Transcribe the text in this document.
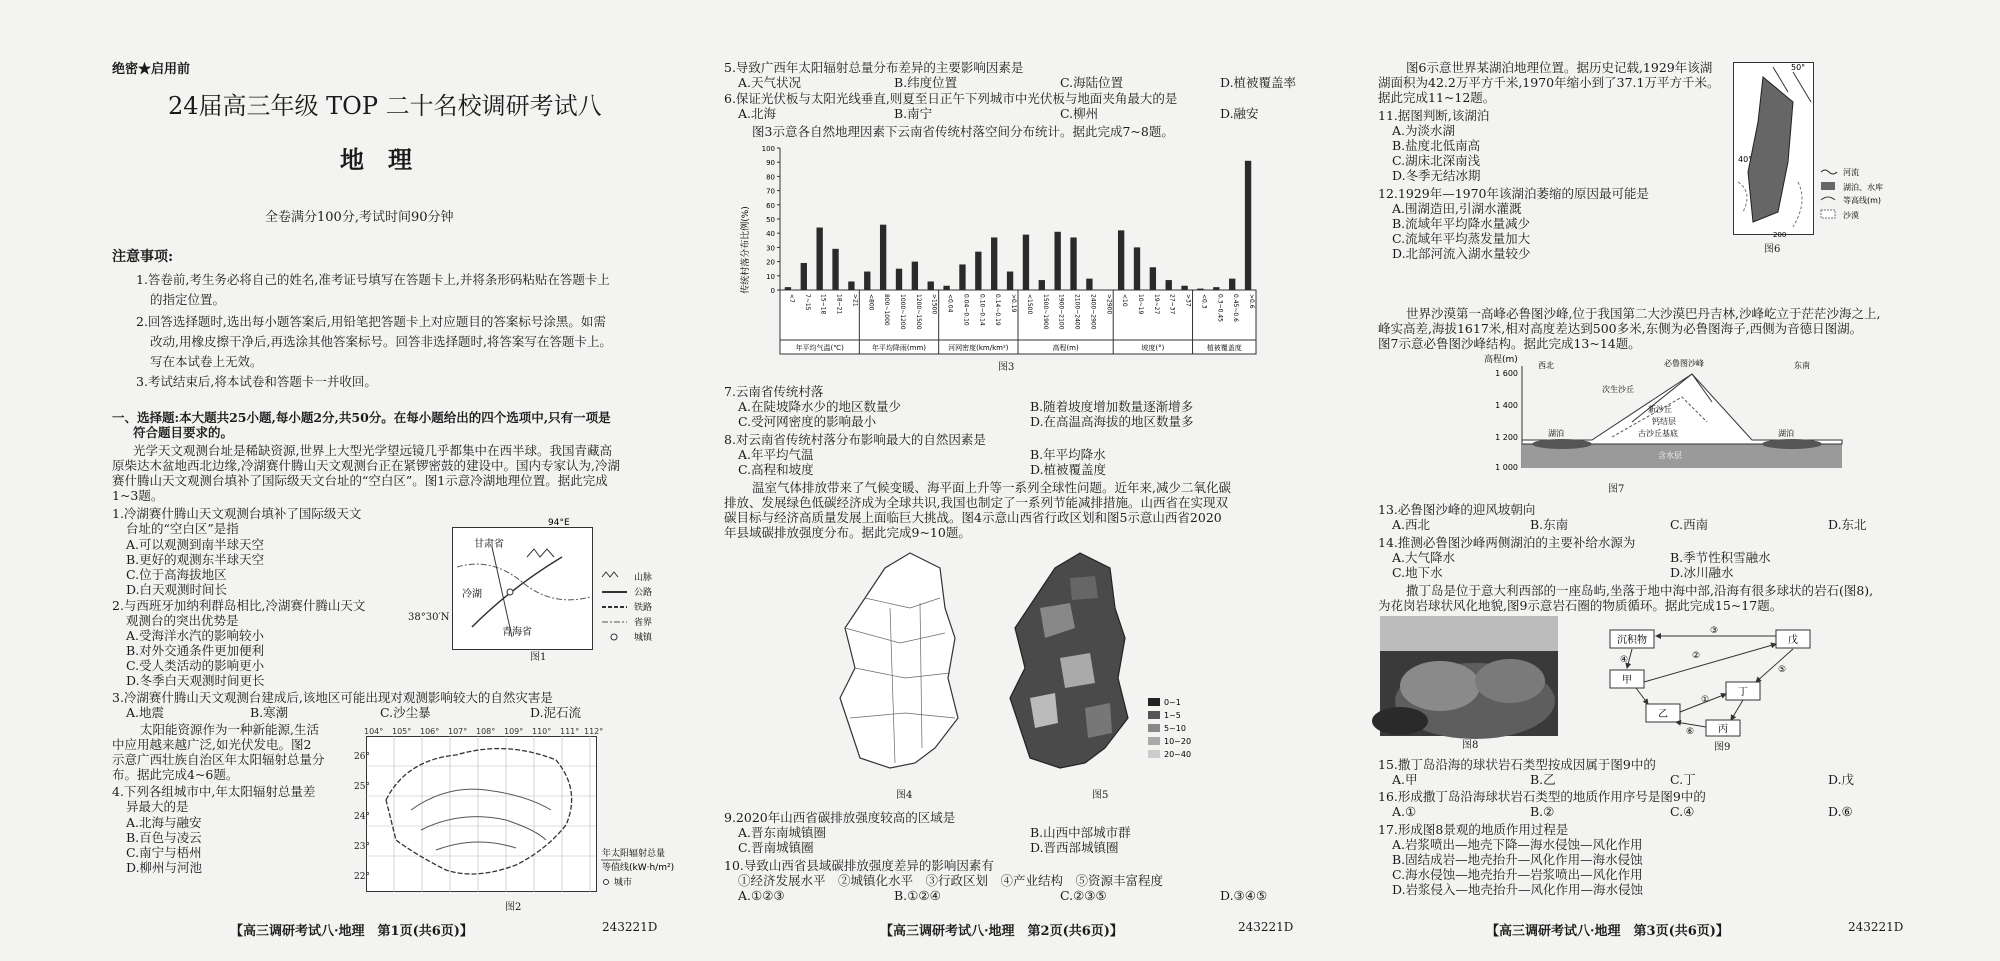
绝密★启用前
24届高三年级 TOP 二十名校调研考试八
地　理
全卷满分100分,考试时间90分钟
注意事项:
1.答卷前,考生务必将自己的姓名,准考证号填写在答题卡上,并将条形码粘贴在答题卡上
的指定位置。
2.回答选择题时,选出每小题答案后,用铅笔把答题卡上对应题目的答案标号涂黑。如需
改动,用橡皮擦干净后,再选涂其他答案标号。回答非选择题时,将答案写在答题卡上。
写在本试卷上无效。
3.考试结束后,将本试卷和答题卡一并收回。
一、选择题:本大题共25小题,每小题2分,共50分。在每小题给出的四个选项中,只有一项是
符合题目要求的。
光学天文观测台址是稀缺资源,世界上大型光学望远镜几乎都集中在西半球。我国青藏高
原柴达木盆地西北边缘,冷湖赛什腾山天文观测台正在紧锣密鼓的建设中。国内专家认为,冷湖
赛什腾山天文观测台填补了国际级天文台址的“空白区”。图1示意冷湖地理位置。据此完成
1~3题。
1.冷湖赛什腾山天文观测台填补了国际级天文
台址的“空白区”是指
A.可以观测到南半球天空
B.更好的观测东半球天空
C.位于高海拔地区
D.白天观测时间长
2.与西班牙加纳利群岛相比,冷湖赛什腾山天文
观测台的突出优势是
A.受海洋水汽的影响较小
B.对外交通条件更加便利
C.受人类活动的影响更小
D.冬季白天观测时间更长
3.冷湖赛什腾山天文观测台建成后,该地区可能出现对观测影响较大的自然灾害是
A.地震	B.寒潮	C.沙尘暴	D.泥石流
太阳能资源作为一种新能源,生活
中应用越来越广泛,如光伏发电。图2
示意广西壮族自治区年太阳辐射总量分
布。据此完成4~6题。
4.下列各组城市中,年太阳辐射总量差
异最大的是
A.北海与融安
B.百色与凌云
C.南宁与梧州
D.柳州与河池
甘肃省
青海省
冷湖
94°E
山脉
公路
铁路
省界
城镇
38°30′N
图1
104° 105° 106° 107° 108° 109° 110° 111° 112°
年太阳辐射总量
等值线(kW·h/m²)
城市
26°
25°
24°
23°
22°
图2
【高三调研考试八·地理　第1页(共6页)】	243221D
5.导致广西年太阳辐射总量分布差异的主要影响因素是
A.天气状况	B.纬度位置	C.海陆位置	D.植被覆盖率
6.保证光伏板与太阳光线垂直,则夏至日正午下列城市中光伏板与地面夹角最大的是
A.北海	B.南宁	C.柳州	D.融安
图3示意各自然地理因素下云南省传统村落空间分布统计。据此完成7~8题。
传统村落分布比例(%)	0
10
20
30
40
50
60
70
80
90
100
<7 7~15 15~18 18~21 >21 <800 800~1000 1000~1200 1200~1500 >1500 <0.04 0.04~0.10 0.10~0.14 0.14~0.19 >0.19 <1500 1500~1900 1900~2100 2100~2400 2400~2900 >2900 <10 10~19 19~27 27~37 >37 <0.3 0.3~0.45 0.45~0.6 >0.6
年平均气温(℃)	年平均降雨(mm)	河网密度(km/km²)	高程(m)	坡度(°)	植被覆盖度
图3
7.云南省传统村落
A.在陡坡降水少的地区数量少	B.随着坡度增加数量逐渐增多
C.受河网密度的影响最小	D.在高温高海拔的地区数量多
8.对云南省传统村落分布影响最大的自然因素是
A.年平均气温	B.年平均降水
C.高程和坡度	D.植被覆盖度
温室气体排放带来了气候变暖、海平面上升等一系列全球性问题。近年来,减少二氧化碳
排放、发展绿色低碳经济成为全球共识,我国也制定了一系列节能减排措施。山西省在实现双
碳目标与经济高质量发展上面临巨大挑战。图4示意山西省行政区划和图5示意山西省2020
年县域碳排放强度分布。据此完成9~10题。
图4
0~1
1~5
5~10
10~20
20~40
图5
9.2020年山西省碳排放强度较高的区域是
A.晋东南城镇圈	B.山西中部城市群
C.晋南城镇圈	D.晋西部城镇圈
10.导致山西省县域碳排放强度差异的影响因素有
①经济发展水平　②城镇化水平　③行政区划　④产业结构　⑤资源丰富程度
A.①②③	B.①②④	C.②③⑤	D.③④⑤
【高三调研考试八·地理　第2页(共6页)】	243221D
图6示意世界某湖泊地理位置。据历史记载,1929年该湖
湖面积为42.2万平方千米,1970年缩小到了37.1万平方千米。
据此完成11~12题。
11.据图判断,该湖泊
A.为淡水湖
B.盐度北低南高
C.湖床北深南浅
D.冬季无结冰期
12.1929年—1970年该湖泊萎缩的原因最可能是
A.围湖造田,引湖水灌溉
B.流域年平均降水量减少
C.流域年平均蒸发量加大
D.北部河流入湖水量较少
40°
50°
200
河流
湖泊、水库
等高线(m)
沙漠
图6
世界沙漠第一高峰必鲁图沙峰,位于我国第二大沙漠巴丹吉林,沙峰屹立于茫茫沙海之上,
峰实高差,海拔1617米,相对高度差达到500多米,东侧为必鲁图海子,西侧为音德日图湖。
图7示意必鲁图沙峰结构。据此完成13~14题。
高程(m)
1 600
1 400
1 200
1 000
西北	东南
必鲁图沙峰
次生沙丘
新沙丘
钙结层
古沙丘基底
湖泊	湖泊
含水层
图7
13.必鲁图沙峰的迎风坡朝向
A.西北	B.东南	C.西南	D.东北
14.推测必鲁图沙峰两侧湖泊的主要补给水源为
A.大气降水	B.季节性积雪融水
C.地下水	D.冰川融水
撒丁岛是位于意大利西部的一座岛屿,坐落于地中海中部,沿海有很多球状的岩石(图8),
为花岗岩球状风化地貌,图9示意岩石圈的物质循环。据此完成15~17题。
图8
沉积物	戊
甲
丁
乙
丙
③
②
④
①
⑤
⑥
图9
15.撒丁岛沿海的球状岩石类型按成因属于图9中的
A.甲	B.乙	C.丁	D.戊
16.形成撒丁岛沿海球状岩石类型的地质作用序号是图9中的
A.①	B.②	C.④	D.⑥
17.形成图8景观的地质作用过程是
A.岩浆喷出—地壳下降—海水侵蚀—风化作用
B.固结成岩—地壳抬升—风化作用—海水侵蚀
C.海水侵蚀—地壳抬升—岩浆喷出—风化作用
D.岩浆侵入—地壳抬升—风化作用—海水侵蚀
【高三调研考试八·地理　第3页(共6页)】	243221D
